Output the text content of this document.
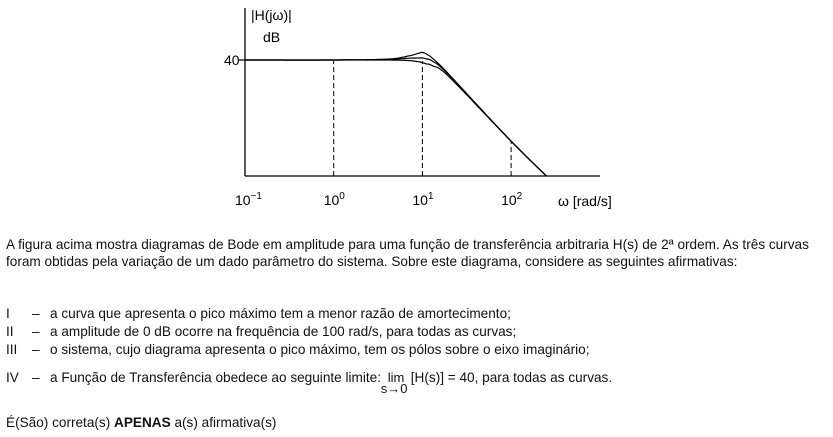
$10^{-1}$	$10^0$	$10^1$	$10^2$
40
|H(jω)|
dB
ω [rad/s]
A figura acima mostra diagramas de Bode em amplitude para uma função de transferência arbitraria H(s) de 2ª ordem. As três curvas foram obtidas pela variação de um dado parâmetro do sistema. Sobre este diagrama, considere as seguintes afirmativas:
I – a curva que apresenta o pico máximo tem a menor razão de amortecimento;
II – a amplitude de 0 dB ocorre na frequência de 100 rad/s, para todas as curvas;
III – o sistema, cujo diagrama apresenta o pico máximo, tem os pólos sobre o eixo imaginário;
IV – a Função de Transferência obedece ao seguinte limite: lim
s→0
[H(s)] = 40, para todas as curvas.
É(São) correta(s) APENAS a(s) afirmativa(s)
